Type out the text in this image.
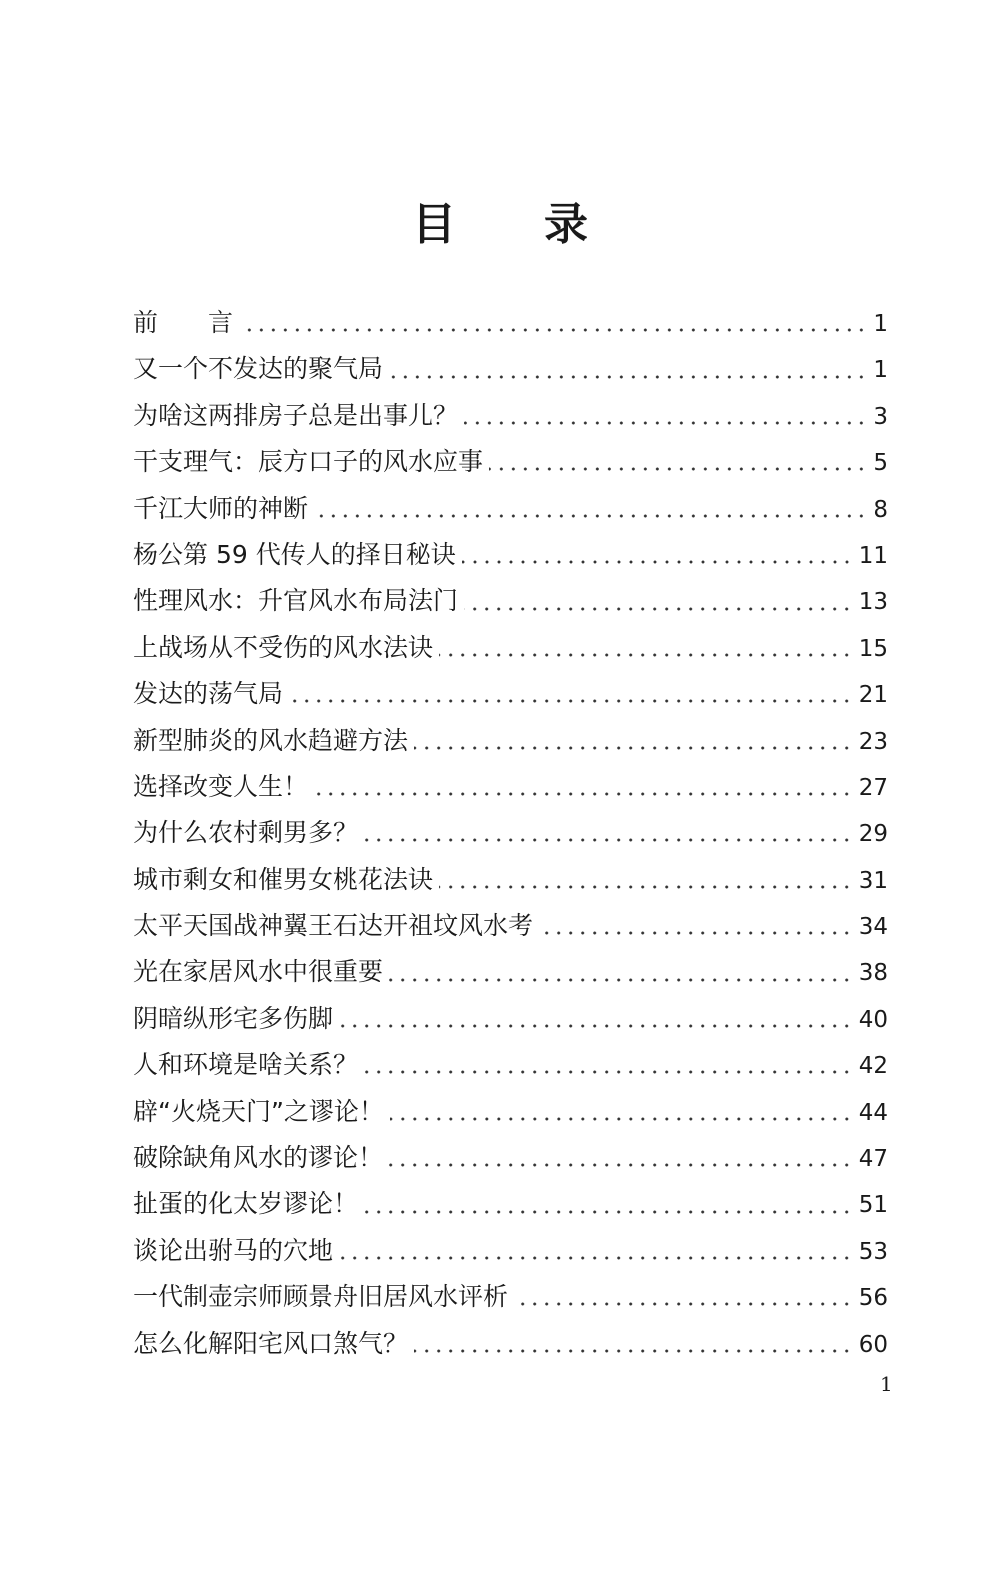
目　　录
前　　言	1
又一个不发达的聚气局	1
为啥这两排房子总是出事儿？	3
干支理气：辰方口子的风水应事	5
千江大师的神断	8
杨公第 59 代传人的择日秘诀	11
性理风水：升官风水布局法门	13
上战场从不受伤的风水法诀	15
发达的荡气局	21
新型肺炎的风水趋避方法	23
选择改变人生！	27
为什么农村剩男多？	29
城市剩女和催男女桃花法诀	31
太平天国战神翼王石达开祖坟风水考	34
光在家居风水中很重要	38
阴暗纵形宅多伤脚	40
人和环境是啥关系？	42
辟“火烧天门”之谬论！	44
破除缺角风水的谬论！	47
扯蛋的化太岁谬论！	51
谈论出驸马的穴地	53
一代制壶宗师顾景舟旧居风水评析	56
怎么化解阳宅风口煞气？	60
1
